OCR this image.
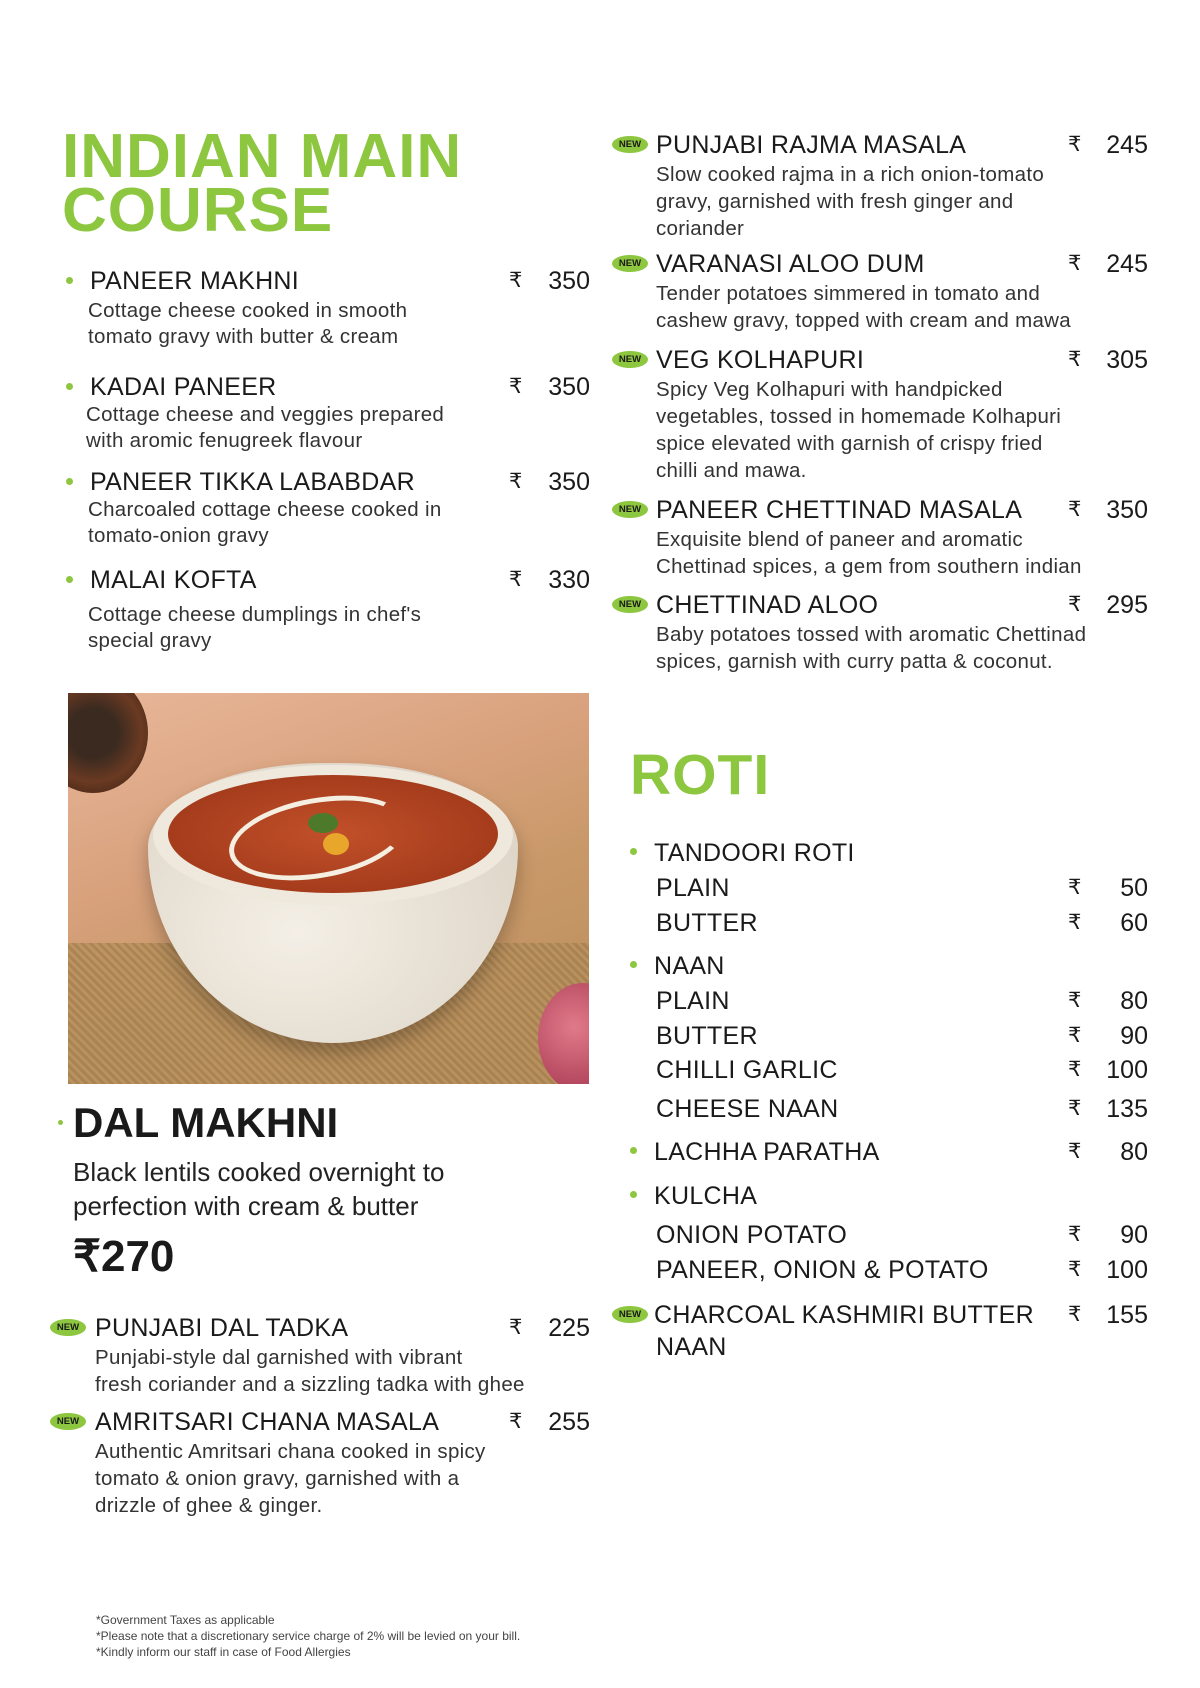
INDIAN MAIN
COURSE
DAL MAKHNI
Black lentils cooked overnight to
perfection with cream & butter
₹270
ROTI
*Government Taxes as applicable
*Please note that a discretionary service charge of 2% will be levied on your bill.
*Kindly inform our staff in case of Food Allergies
PANEER MAKHNI	₹	350
Cottage cheese cooked in smooth
tomato gravy with butter & cream
KADAI PANEER	₹	350
Cottage cheese and veggies prepared
with aromic fenugreek flavour
PANEER TIKKA LABABDAR	₹	350
Charcoaled cottage cheese cooked in
tomato-onion gravy
MALAI KOFTA	₹	330
Cottage cheese dumplings in chef's
special gravy
NEW PUNJABI RAJMA MASALA	₹ 245
Slow cooked rajma in a rich onion-tomato
gravy, garnished with fresh ginger and
coriander
NEW VARANASI ALOO DUM	₹ 245
Tender potatoes simmered in tomato and
cashew gravy, topped with cream and mawa
NEW VEG KOLHAPURI	₹ 305
Spicy Veg Kolhapuri with handpicked
vegetables, tossed in homemade Kolhapuri
spice elevated with garnish of crispy fried
chilli and mawa.
NEW PANEER CHETTINAD MASALA ₹ 350
Exquisite blend of paneer and aromatic
Chettinad spices, a gem from southern indian
NEW CHETTINAD ALOO	₹ 295
Baby potatoes tossed with aromatic Chettinad
spices, garnish with curry patta & coconut.
NEW PUNJABI DAL TADKA	₹	225
Punjabi-style dal garnished with vibrant
fresh coriander and a sizzling tadka with ghee
NEW AMRITSARI CHANA MASALA	₹	255
Authentic Amritsari chana cooked in spicy
tomato & onion gravy, garnished with a
drizzle of ghee & ginger.
TANDOORI ROTI
PLAIN	₹	50
BUTTER	₹	60
NAAN
PLAIN	₹	80
BUTTER	₹	90
CHILLI GARLIC	₹ 100
CHEESE NAAN	₹ 135
LACHHA PARATHA	₹	80
KULCHA
ONION POTATO	₹	90
PANEER, ONION & POTATO	₹ 100
NEW CHARCOAL KASHMIRI BUTTER ₹ 155
NAAN
